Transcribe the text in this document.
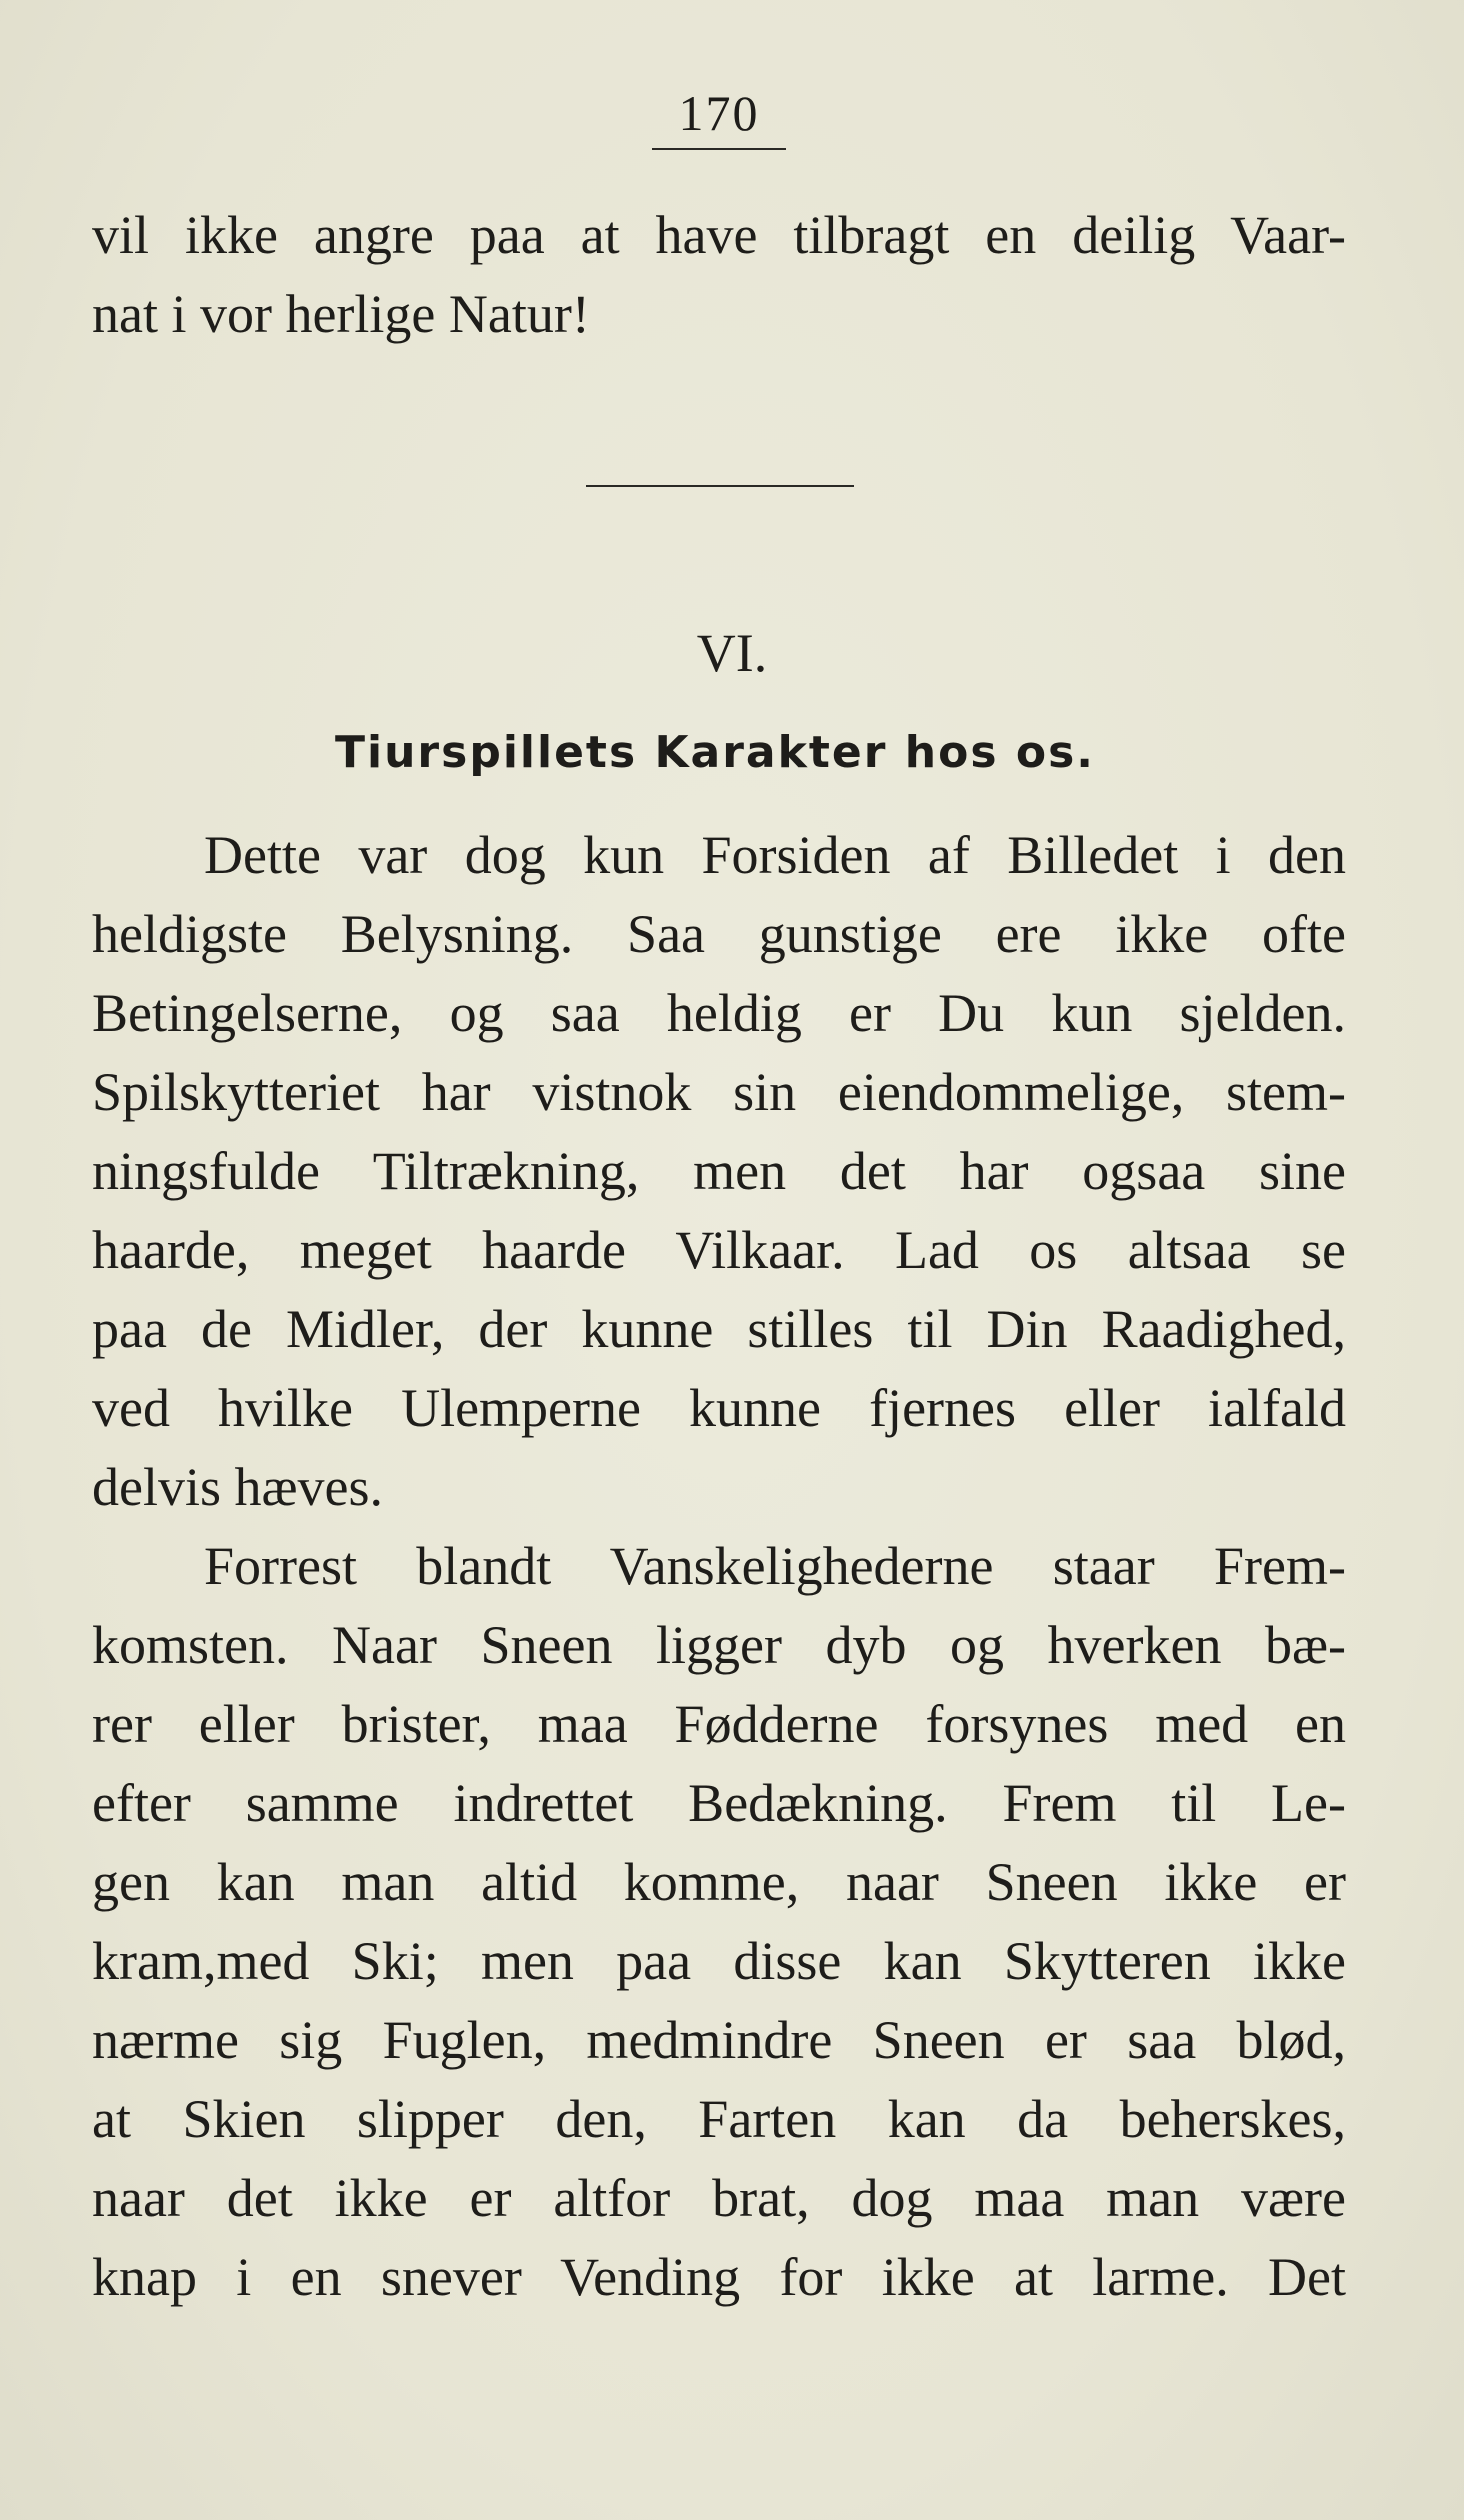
170
vil ikke angre paa at have tilbragt en deilig Vaar-
nat i vor herlige Natur!
VI.
Tiurspillets Karakter hos os.
Dette var dog kun Forsiden af Billedet i den
heldigste Belysning. Saa gunstige ere ikke ofte
Betingelserne, og saa heldig er Du kun sjelden.
Spilskytteriet har vistnok sin eiendommelige, stem-
ningsfulde Tiltrækning, men det har ogsaa sine
haarde, meget haarde Vilkaar. Lad os altsaa se
paa de Midler, der kunne stilles til Din Raadighed,
ved hvilke Ulemperne kunne fjernes eller ialfald
delvis hæves.
Forrest blandt Vanskelighederne staar Frem-
komsten. Naar Sneen ligger dyb og hverken bæ-
rer eller brister, maa Fødderne forsynes med en
efter samme indrettet Bedækning. Frem til Le-
gen kan man altid komme, naar Sneen ikke er
kram,med Ski; men paa disse kan Skytteren ikke
nærme sig Fuglen, medmindre Sneen er saa blød,
at Skien slipper den, Farten kan da beherskes,
naar det ikke er altfor brat, dog maa man være
knap i en snever Vending for ikke at larme. Det
